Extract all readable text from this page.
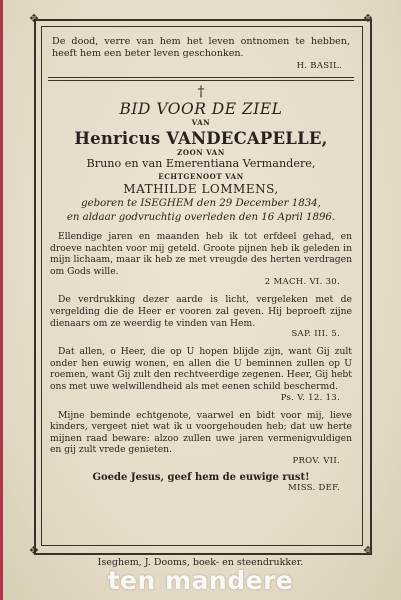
✥	✥
✥	✥
De dood, verre van hem het leven ontnomen te hebben, heeft hem een beter leven geschonken.
H. BASIL.
†
BID VOOR DE ZIEL
VAN
Henricus VANDECAPELLE,
ZOON VAN
Bruno en van Emerentiana Vermandere,
ECHTGENOOT VAN
MATHILDE LOMMENS,
geboren te ISEGHEM den 29 December 1834,
en aldaar godvruchtig overleden den 16 April 1896.
Ellendige jaren en maanden heb ik tot erfdeel gehad, en droeve nachten voor mij geteld. Groote pijnen heb ik geleden in mijn lichaam, maar ik heb ze met vreugde des herten verdragen om Gods wille.
2 MACH. VI. 30.
De verdrukking dezer aarde is licht, vergeleken met de vergelding die de Heer er vooren zal geven. Hij beproeft zijne dienaars om ze weerdig te vinden van Hem.
SAP. III. 5.
Dat allen, o Heer, die op U hopen blijde zijn, want Gij zult onder hen euwig wonen, en allen die U beminnen zullen op U roemen, want Gij zult den rechtveerdige zegenen. Heer, Gij hebt ons met uwe welwillendheid als met eenen schild beschermd.
Ps. V. 12. 13.
Mijne beminde echtgenote, vaarwel en bidt voor mij, lieve kinders, vergeet niet wat ik u voorgehouden heb; dat uw herte mijnen raad beware: alzoo zullen uwe jaren vermenigvuldigen en gij zult vrede genieten.
PROV. VII.
Goede Jesus, geef hem de euwige rust!
MISS. DEF.
Iseghem, J. Dooms, boek- en steendrukker.
ten mandere
